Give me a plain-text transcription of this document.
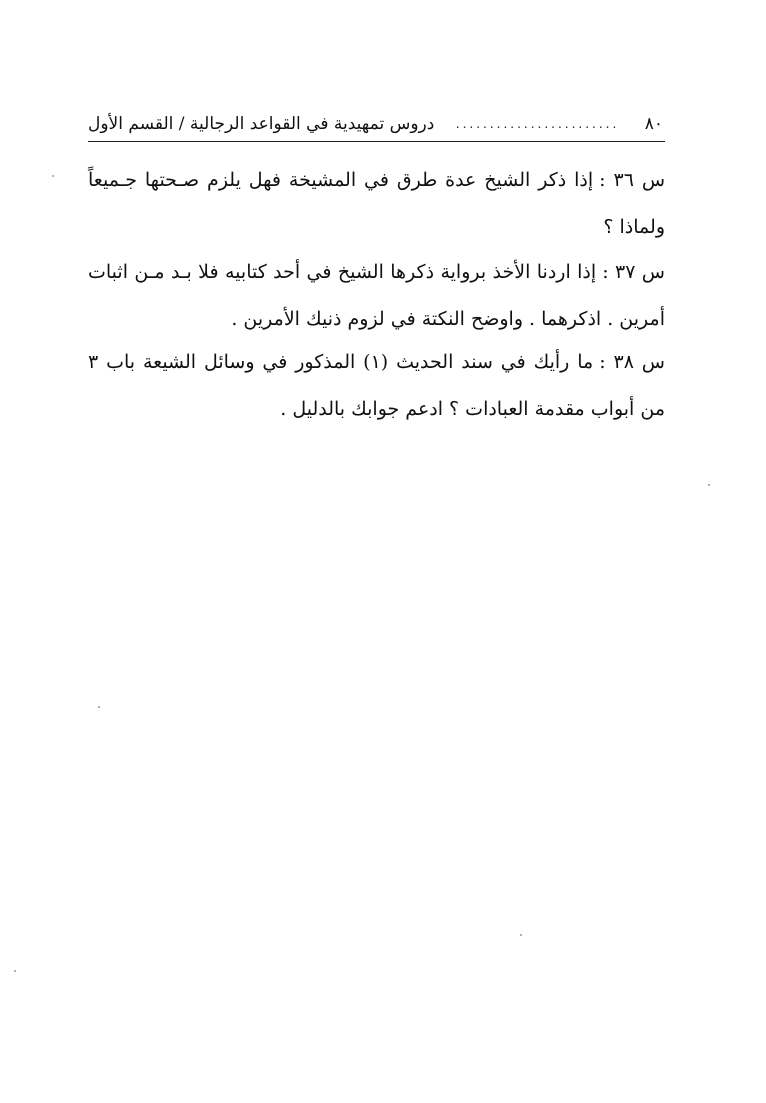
٨٠
........................
دروس تمهيدية في القواعد الرجالية / القسم الأول
س ٣٦ :إذا ذكر الشيخ عدة طرق في المشيخة فهل يلزم صـحتها جـميعاً ولماذا ؟
س ٣٧ :إذا اردنا الأخذ برواية ذكرها الشيخ في أحد كتابيه فلا بـد مـن اثبات أمرين . اذكرهما . واوضح النكتة في لزوم ذنيك الأمرين .
س ٣٨ :ما رأيك في سند الحديث (١) المذكور في وسائل الشيعة باب ٣ من أبواب مقدمة العبادات ؟ ادعم جوابك بالدليل .
